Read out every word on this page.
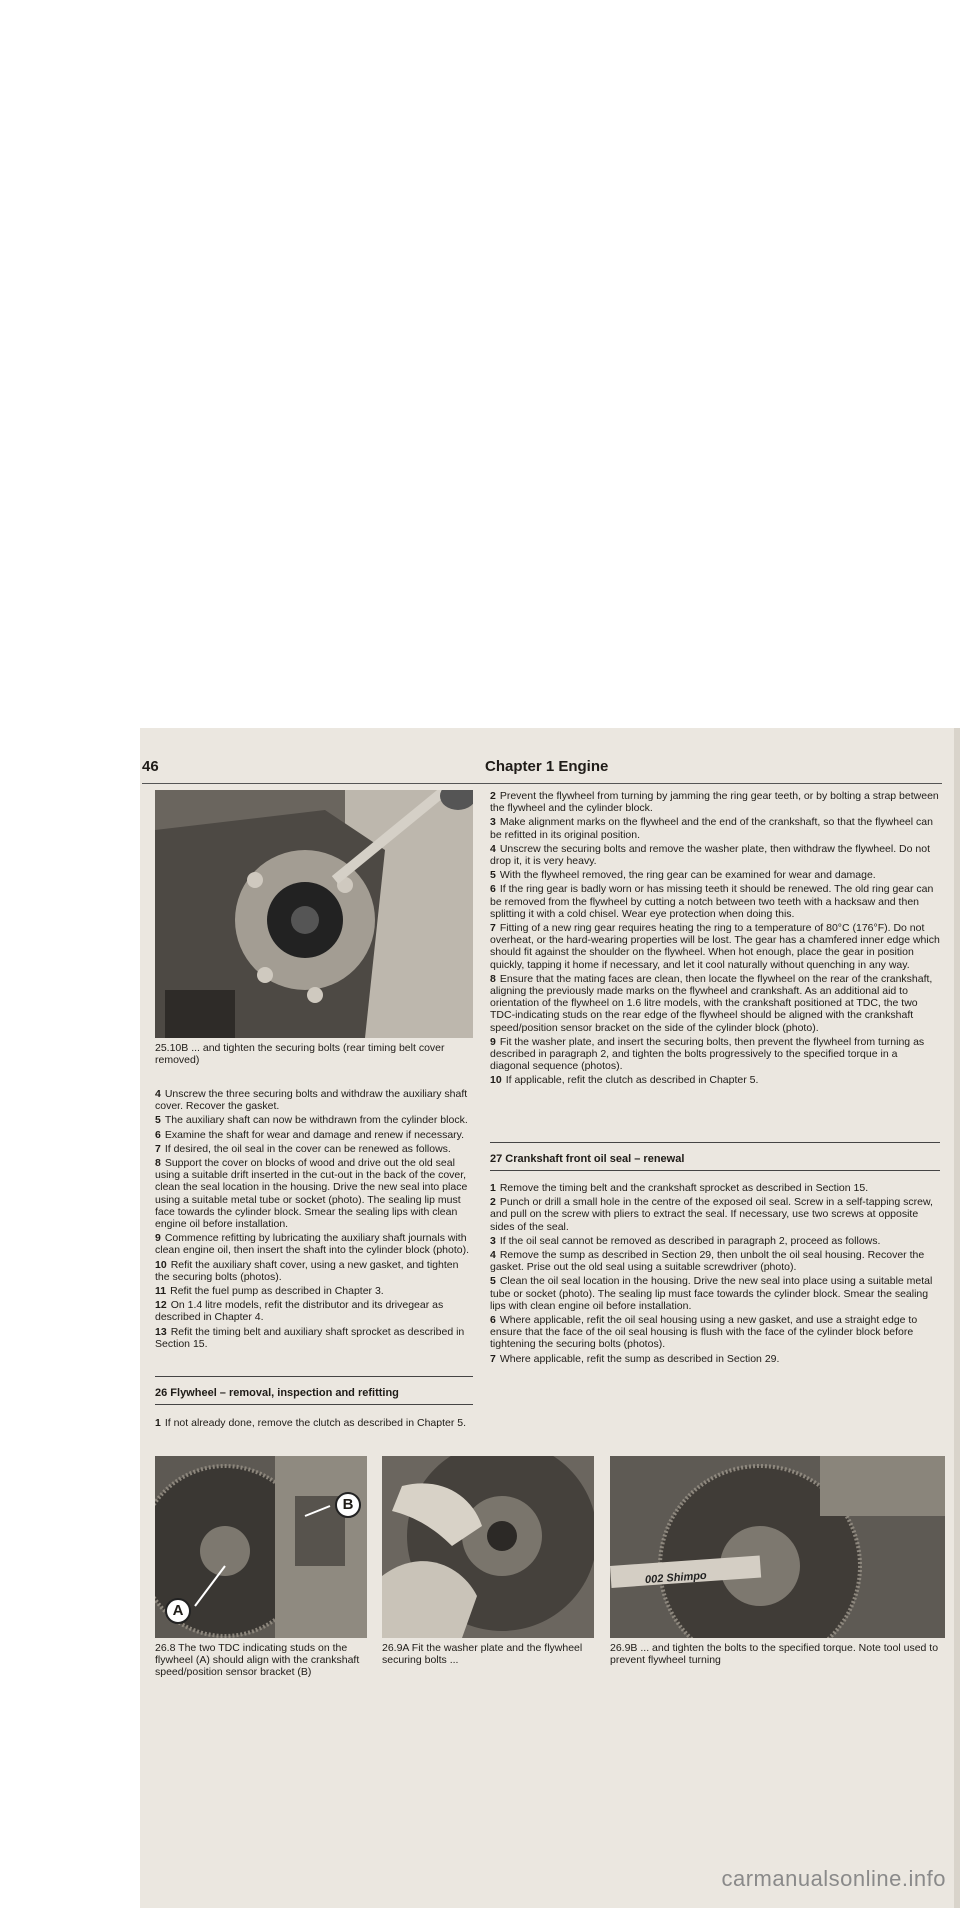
46	Chapter 1 Engine
25.10B ... and tighten the securing bolts (rear timing belt cover removed)

4 Unscrew the three securing bolts and withdraw the auxiliary shaft cover. Recover the gasket.

5 The auxiliary shaft can now be withdrawn from the cylinder block.

6 Examine the shaft for wear and damage and renew if necessary.

7 If desired, the oil seal in the cover can be renewed as follows.

8 Support the cover on blocks of wood and drive out the old seal using a suitable drift inserted in the cut-out in the back of the cover, clean the seal location in the housing. Drive the new seal into place using a suitable metal tube or socket (photo). The sealing lip must face towards the cylinder block. Smear the sealing lips with clean engine oil before installation.

9 Commence refitting by lubricating the auxiliary shaft journals with clean engine oil, then insert the shaft into the cylinder block (photo).

10 Refit the auxiliary shaft cover, using a new gasket, and tighten the securing bolts (photos).

11 Refit the fuel pump as described in Chapter 3.

12 On 1.4 litre models, refit the distributor and its drivegear as described in Chapter 4.

13 Refit the timing belt and auxiliary shaft sprocket as described in Section 15.

26 Flywheel – removal, inspection and refitting

1 If not already done, remove the clutch as described in Chapter 5.

2 Prevent the flywheel from turning by jamming the ring gear teeth, or by bolting a strap between the flywheel and the cylinder block.

3 Make alignment marks on the flywheel and the end of the crankshaft, so that the flywheel can be refitted in its original position.

4 Unscrew the securing bolts and remove the washer plate, then withdraw the flywheel. Do not drop it, it is very heavy.

5 With the flywheel removed, the ring gear can be examined for wear and damage.

6 If the ring gear is badly worn or has missing teeth it should be renewed. The old ring gear can be removed from the flywheel by cutting a notch between two teeth with a hacksaw and then splitting it with a cold chisel. Wear eye protection when doing this.

7 Fitting of a new ring gear requires heating the ring to a temperature of 80°C (176°F). Do not overheat, or the hard-wearing properties will be lost. The gear has a chamfered inner edge which should fit against the shoulder on the flywheel. When hot enough, place the gear in position quickly, tapping it home if necessary, and let it cool naturally without quenching in any way.

8 Ensure that the mating faces are clean, then locate the flywheel on the rear of the crankshaft, aligning the previously made marks on the flywheel and crankshaft. As an additional aid to orientation of the flywheel on 1.6 litre models, with the crankshaft positioned at TDC, the two TDC-indicating studs on the rear edge of the flywheel should be aligned with the crankshaft speed/position sensor bracket on the side of the cylinder block (photo).

9 Fit the washer plate, and insert the securing bolts, then prevent the flywheel from turning as described in paragraph 2, and tighten the bolts progressively to the specified torque in a diagonal sequence (photos).

10 If applicable, refit the clutch as described in Chapter 5.

27 Crankshaft front oil seal – renewal

1 Remove the timing belt and the crankshaft sprocket as described in Section 15.

2 Punch or drill a small hole in the centre of the exposed oil seal. Screw in a self-tapping screw, and pull on the screw with pliers to extract the seal. If necessary, use two screws at opposite sides of the seal.

3 If the oil seal cannot be removed as described in paragraph 2, proceed as follows.

4 Remove the sump as described in Section 29, then unbolt the oil seal housing. Recover the gasket. Prise out the old seal using a suitable screwdriver (photo).

5 Clean the oil seal location in the housing. Drive the new seal into place using a suitable metal tube or socket (photo). The sealing lip must face towards the cylinder block. Smear the sealing lips with clean engine oil before installation.

6 Where applicable, refit the oil seal housing using a new gasket, and use a straight edge to ensure that the face of the oil seal housing is flush with the face of the cylinder block before tightening the securing bolts (photos).

7 Where applicable, refit the sump as described in Section 29.

A
B
26.8 The two TDC indicating studs on the flywheel (A) should align with the crankshaft speed/position sensor bracket (B)
26.9A Fit the washer plate and the flywheel securing bolts ...
002 Shimpo
26.9B ... and tighten the bolts to the specified torque. Note tool used to prevent flywheel turning
carmanualsonline.info
